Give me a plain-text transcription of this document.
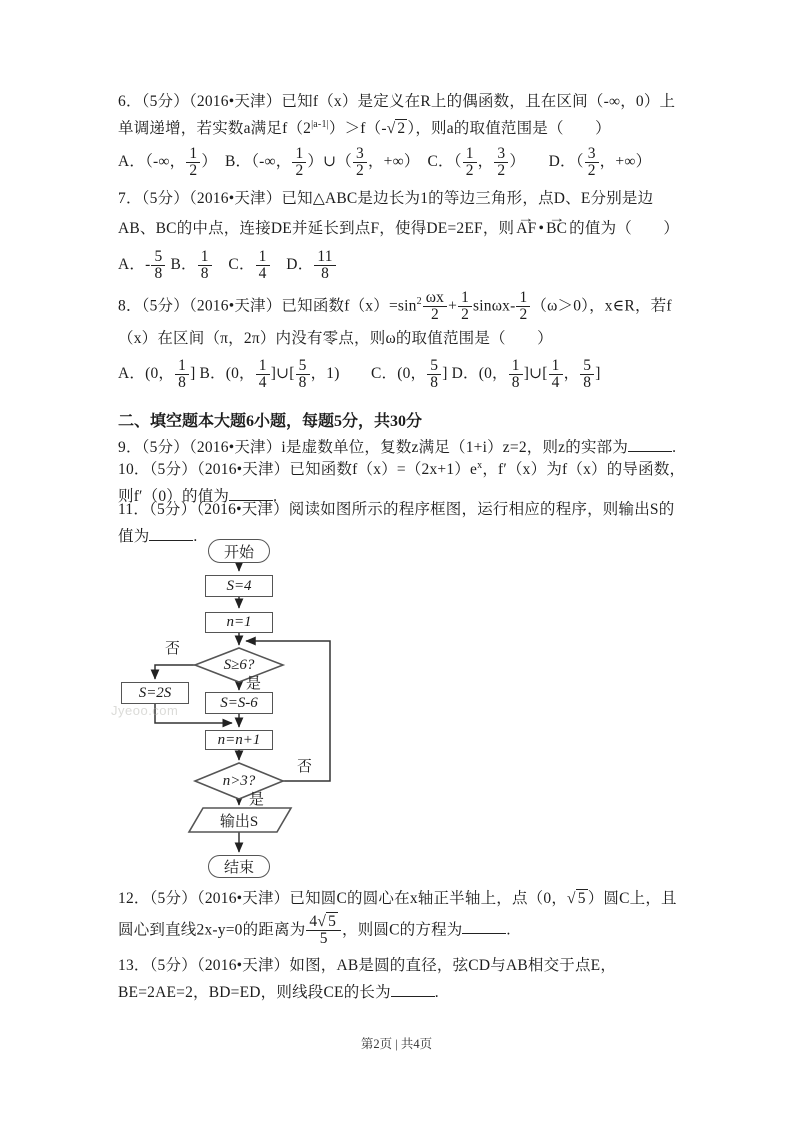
6．（5分）（2016•天津）已知f（x）是定义在R上的偶函数，且在区间（-∞，0）上单调递增，若实数a满足$f(2^{|a-1|})>f(-√$ 2 ），则a的取值范围是（　　）

A．（-∞， $\frac{1}{2}$ ）　B．（-∞， $\frac{1}{2}$ ）∪（ $\frac{3}{2}$ ，+∞）　C．（ $\frac{1}{2}$ ， $\frac{3}{2}$ ）　　D．（ $\frac{3}{2}$ ，+∞）

7．（5分）（2016•天津）已知△ABC是边长为1的等边三角形，点D、E分别是边AB、BC的中点，连接DE并延长到点F，使得DE=2EF，则 → AF • → BC 的值为（　　）

A．- $\frac{5}{8}$ B． $\frac{1}{8}$ 　C． $\frac{1}{4}$ 　D． $\frac{11}{8}$

8．（5分）（2016•天津）已知函数$f(x)=\sin^2 \frac{\omega x}{2} + \frac{1}{2} \sin\omega x- \frac{1}{2} (\omega>0)$，x∈R，若f（x）在区间（π，2π）内没有零点，则ω的取值范围是（　　）

A．(0， $\frac{1}{8}$ ] B．(0， $\frac{1}{4}$ ]∪[ $\frac{5}{8}$ ，1)　　C．(0， $\frac{5}{8}$ ] D．(0， $\frac{1}{8}$ ]∪[ $\frac{1}{4}$ ， $\frac{5}{8}$ ]

二、填空题本大题6小题，每题5分，共30分

9．（5分）（2016•天津）i是虚数单位，复数z满足（1+i）z=2，则z的实部为	.

10．（5分）（2016•天津）已知函数$f(x)=(2x+1)e^x$，f′（x）为f（x）的导函数，则f′（0）的值为	.

11．（5分）（2016•天津）阅读如图所示的程序框图，运行相应的程序，则输出S的值为	.

开始
S=4
n=1
S≥6?
S=2S
S=S-6
n=n+1
n>3?
输出S
结束
否
是
否
是
Jyeoo.com

12．（5分）（2016•天津）已知圆C的圆心在x轴正半轴上，点（0，√ 5 ）圆C上，且圆心到直线2x-y=0的距离为 $\frac{4√ 5}{5}$ ，则圆C的方程为	.

13．（5分）（2016•天津）如图，AB是圆的直径，弦CD与AB相交于点E，BE=2AE=2，BD=ED，则线段CE的长为	.

第2页 | 共4页
